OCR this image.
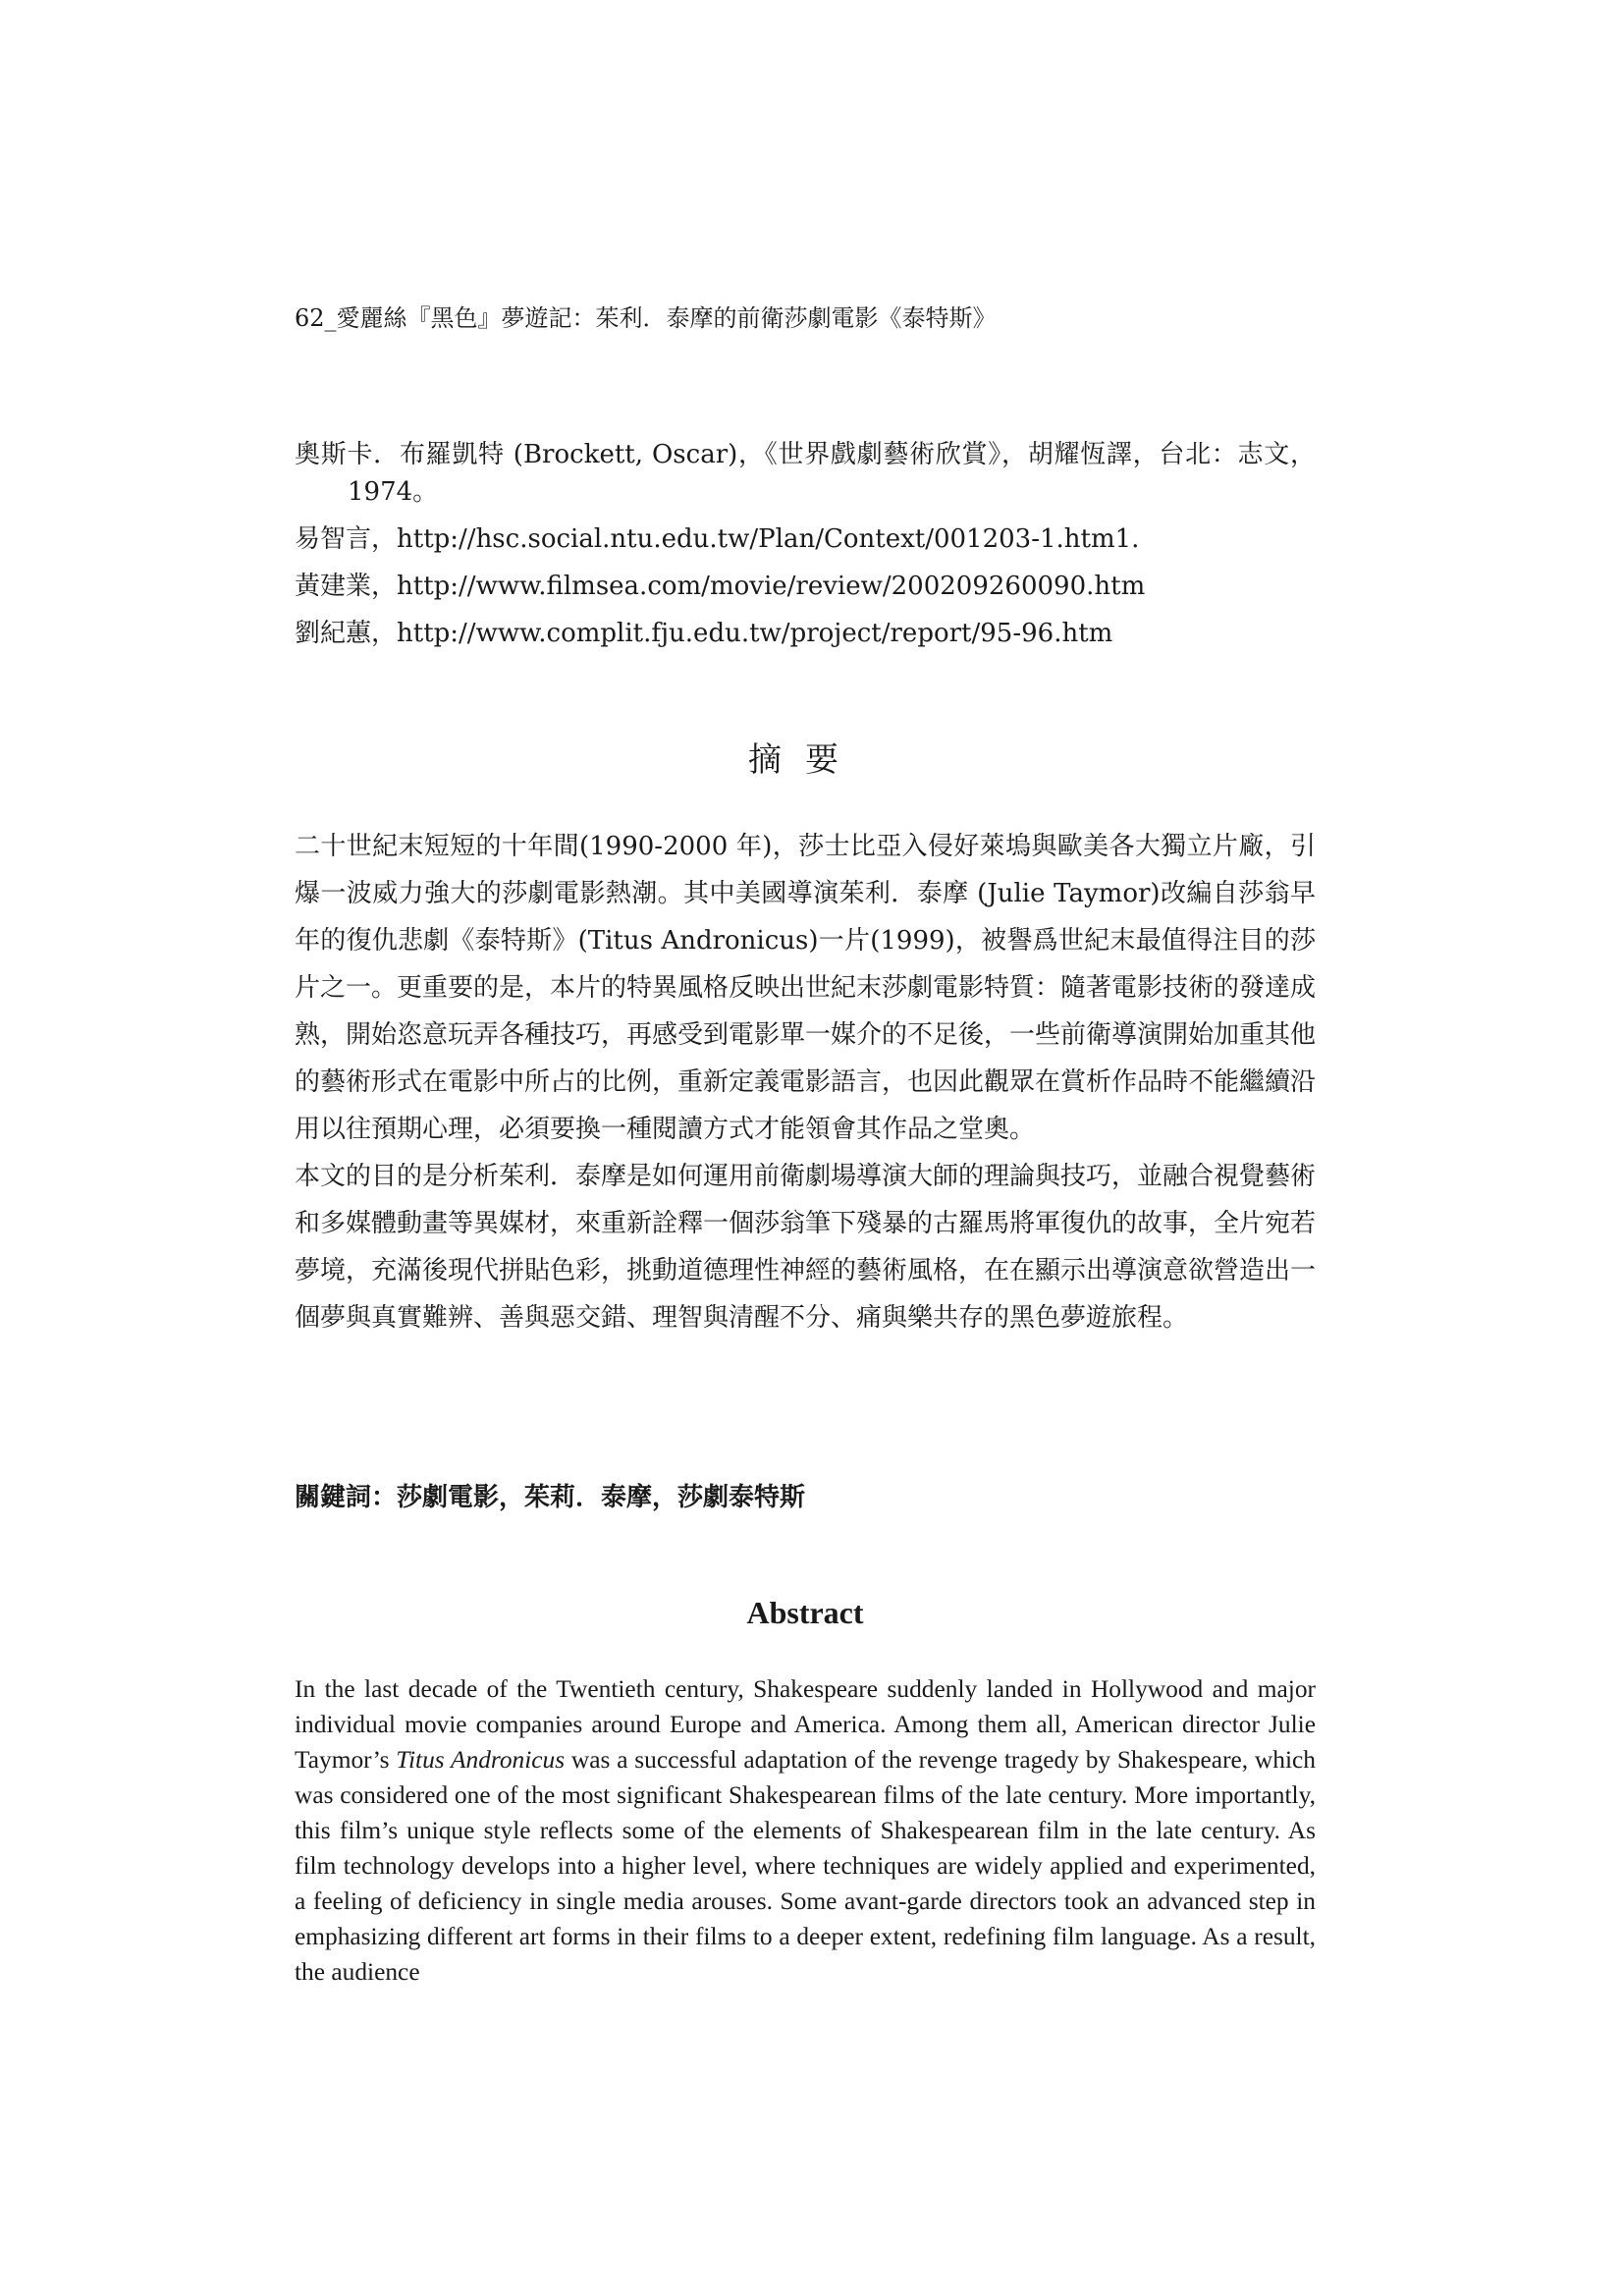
62_愛麗絲『黑色』夢遊記：茱利．泰摩的前衛莎劇電影《泰特斯》

奧斯卡．布羅凱特 (Brockett, Oscar)，《世界戲劇藝術欣賞》，胡耀恆譯，台北：志文，1974。

易智言，http://hsc.social.ntu.edu.tw/Plan/Context/001203-1.htm1.

黃建業，http://www.filmsea.com/movie/review/200209260090.htm

劉紀蕙，http://www.complit.fju.edu.tw/project/report/95-96.htm

摘要

二十世紀末短短的十年間(1990-2000 年)，莎士比亞入侵好萊塢與歐美各大獨立片廠，引爆一波威力強大的莎劇電影熱潮。其中美國導演茱利．泰摩 (Julie Taymor)改編自莎翁早年的復仇悲劇《泰特斯》(Titus Andronicus)一片(1999)，被譽爲世紀末最值得注目的莎片之一。更重要的是，本片的特異風格反映出世紀末莎劇電影特質：隨著電影技術的發達成熟，開始恣意玩弄各種技巧，再感受到電影單一媒介的不足後，一些前衛導演開始加重其他的藝術形式在電影中所占的比例，重新定義電影語言，也因此觀眾在賞析作品時不能繼續沿用以往預期心理，必須要換一種閱讀方式才能領會其作品之堂奧。

本文的目的是分析茱利．泰摩是如何運用前衛劇場導演大師的理論與技巧，並融合視覺藝術和多媒體動畫等異媒材，來重新詮釋一個莎翁筆下殘暴的古羅馬將軍復仇的故事，全片宛若夢境，充滿後現代拼貼色彩，挑動道德理性神經的藝術風格，在在顯示出導演意欲營造出一個夢與真實難辨、善與惡交錯、理智與清醒不分、痛與樂共存的黑色夢遊旅程。

關鍵詞：莎劇電影，茱莉．泰摩，莎劇泰特斯
Abstract

In the last decade of the Twentieth century, Shakespeare suddenly landed in Hollywood and major individual movie companies around Europe and America. Among them all, American director Julie Taymor’s Titus Andronicus was a successful adaptation of the revenge tragedy by Shakespeare, which was considered one of the most significant Shakespearean films of the late century. More importantly, this film’s unique style reflects some of the elements of Shakespearean film in the late century. As film technology develops into a higher level, where techniques are widely applied and experimented, a feeling of deficiency in single media arouses. Some avant-garde directors took an advanced step in emphasizing different art forms in their films to a deeper extent, redefining film language. As a result, the audience
